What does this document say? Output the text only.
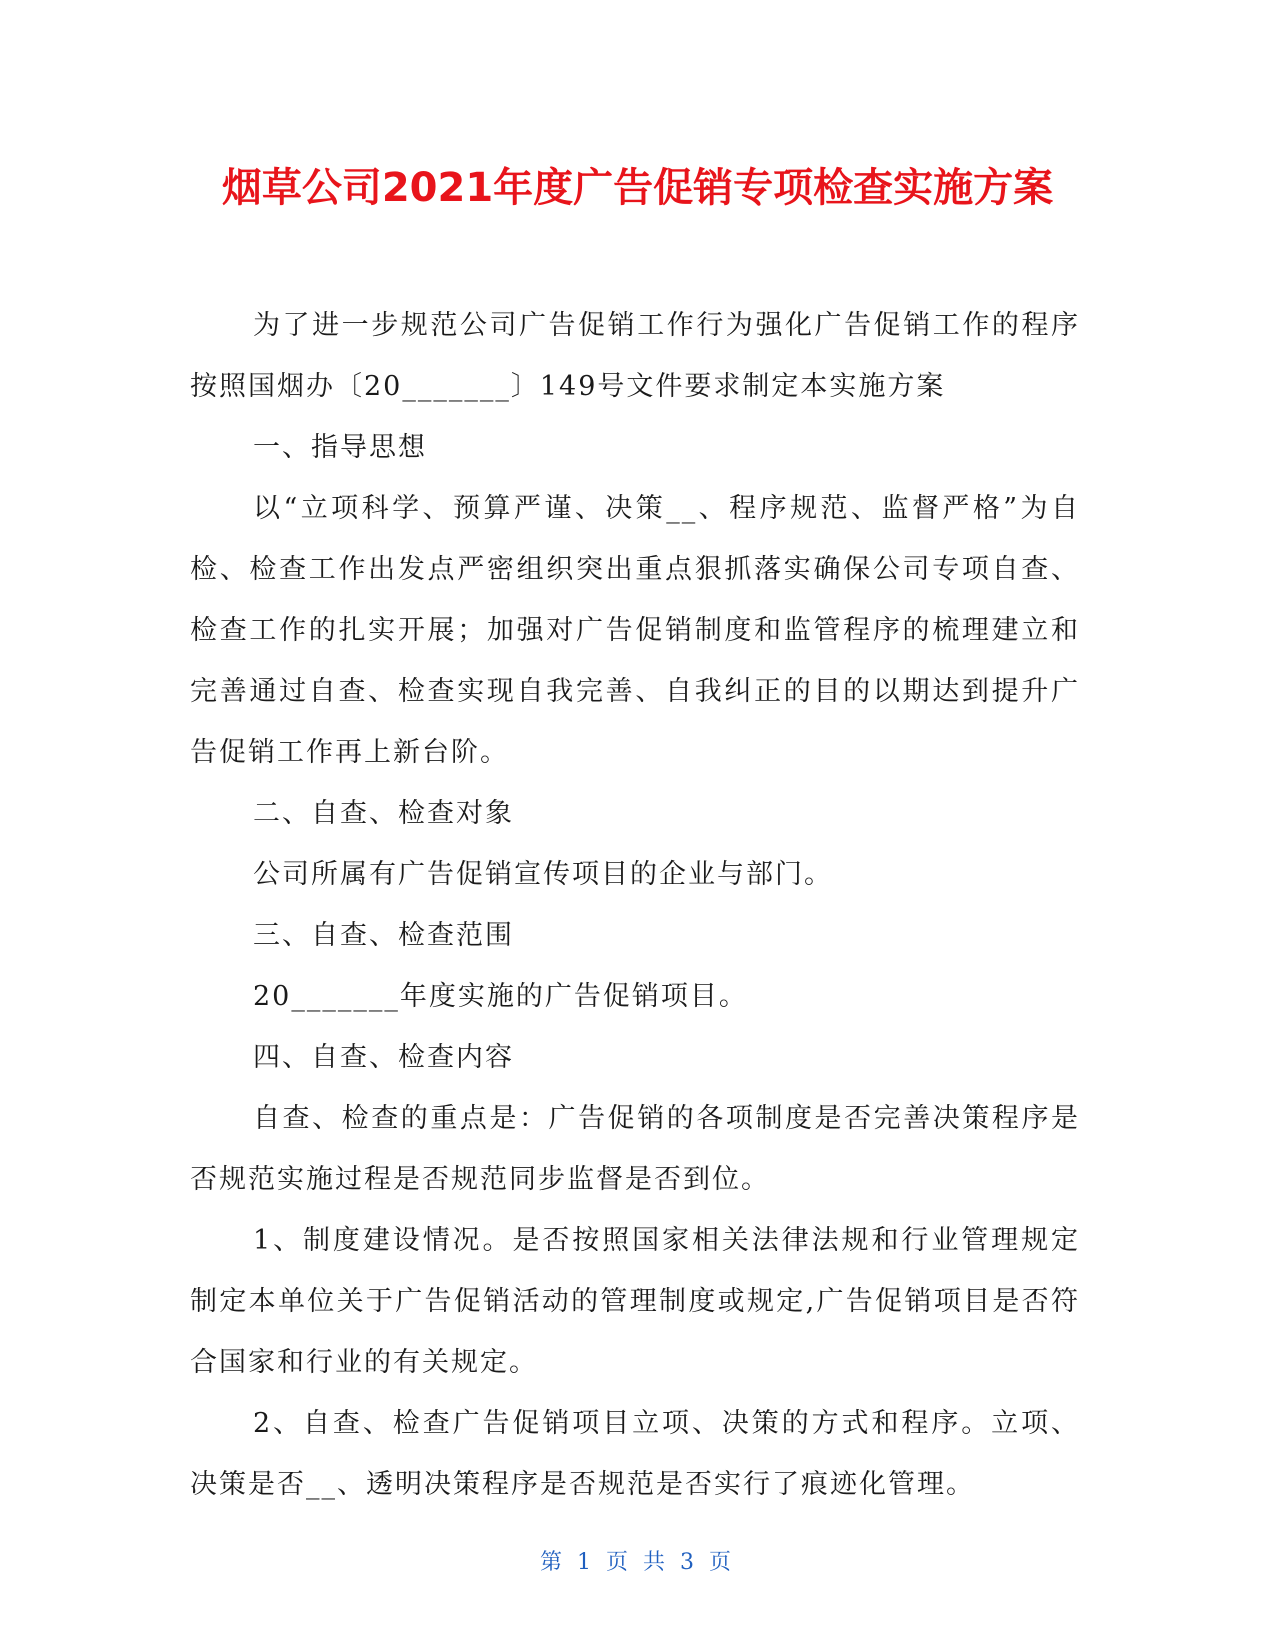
烟草公司2021年度广告促销专项检查实施方案

为了进一步规范公司广告促销工作行为强化广告促销工作的程序按照国烟办〔20_______〕149号文件要求制定本实施方案

一、指导思想

以“立项科学、预算严谨、决策__、程序规范、监督严格”为自检、检查工作出发点严密组织突出重点狠抓落实确保公司专项自查、检查工作的扎实开展；加强对广告促销制度和监管程序的梳理建立和完善通过自查、检查实现自我完善、自我纠正的目的以期达到提升广告促销工作再上新台阶。

二、自查、检查对象

公司所属有广告促销宣传项目的企业与部门。

三、自查、检查范围

20_______年度实施的广告促销项目。

四、自查、检查内容

自查、检查的重点是：广告促销的各项制度是否完善决策程序是否规范实施过程是否规范同步监督是否到位。

1、制度建设情况。是否按照国家相关法律法规和行业管理规定制定本单位关于广告促销活动的管理制度或规定,广告促销项目是否符合国家和行业的有关规定。

2、自查、检查广告促销项目立项、决策的方式和程序。立项、决策是否__、透明决策程序是否规范是否实行了痕迹化管理。

第 1 页 共 3 页
